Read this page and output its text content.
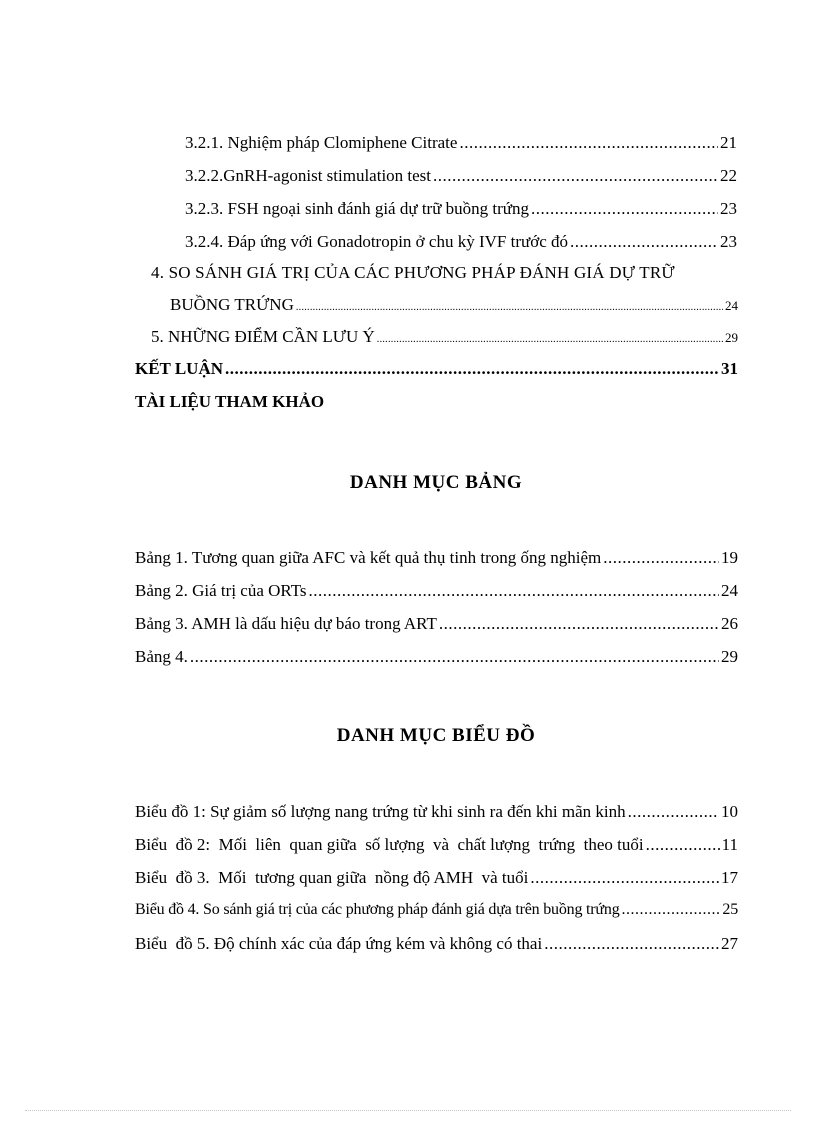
3.2.1. Nghiệm pháp Clomiphene Citrate .....	21
3.2.2.GnRH-agonist stimulation test .....	22
3.2.3. FSH ngoại sinh đánh giá dự trữ buồng trứng .....	23
3.2.4. Đáp ứng với Gonadotropin ở chu kỳ IVF trước đó .....	23
4. SO SÁNH GIÁ TRỊ CỦA CÁC PHƯƠNG PHÁP ĐÁNH GIÁ DỰ TRỮ
BUỒNG TRỨNG .....	24
5. NHỮNG ĐIỂM CẦN LƯU Ý .....	29
KẾT LUẬN .....	31
TÀI LIỆU THAM KHẢO
DANH MỤC BẢNG
Bảng 1. Tương quan giữa AFC và kết quả thụ tinh trong ống nghiệm .....	19
Bảng 2. Giá trị của ORTs .....	24
Bảng 3. AMH là dấu hiệu dự báo trong ART .....	26
Bảng 4. .....	29
DANH MỤC BIỂU ĐỒ
Biểu đồ 1: Sự giảm số lượng nang trứng từ khi sinh ra đến khi mãn kinh .....	10
Biểu  đồ 2:  Mối  liên  quan giữa  số lượng  và  chất lượng  trứng  theo tuổi .....	11
Biểu  đồ 3.  Mối  tương quan giữa  nồng độ AMH  và tuổi .....	17
Biểu đồ 4. So sánh giá trị của các phương pháp đánh giá dựa trên buồng trứng .....	25
Biểu  đồ 5. Độ chính xác của đáp ứng kém và không có thai .....	27
